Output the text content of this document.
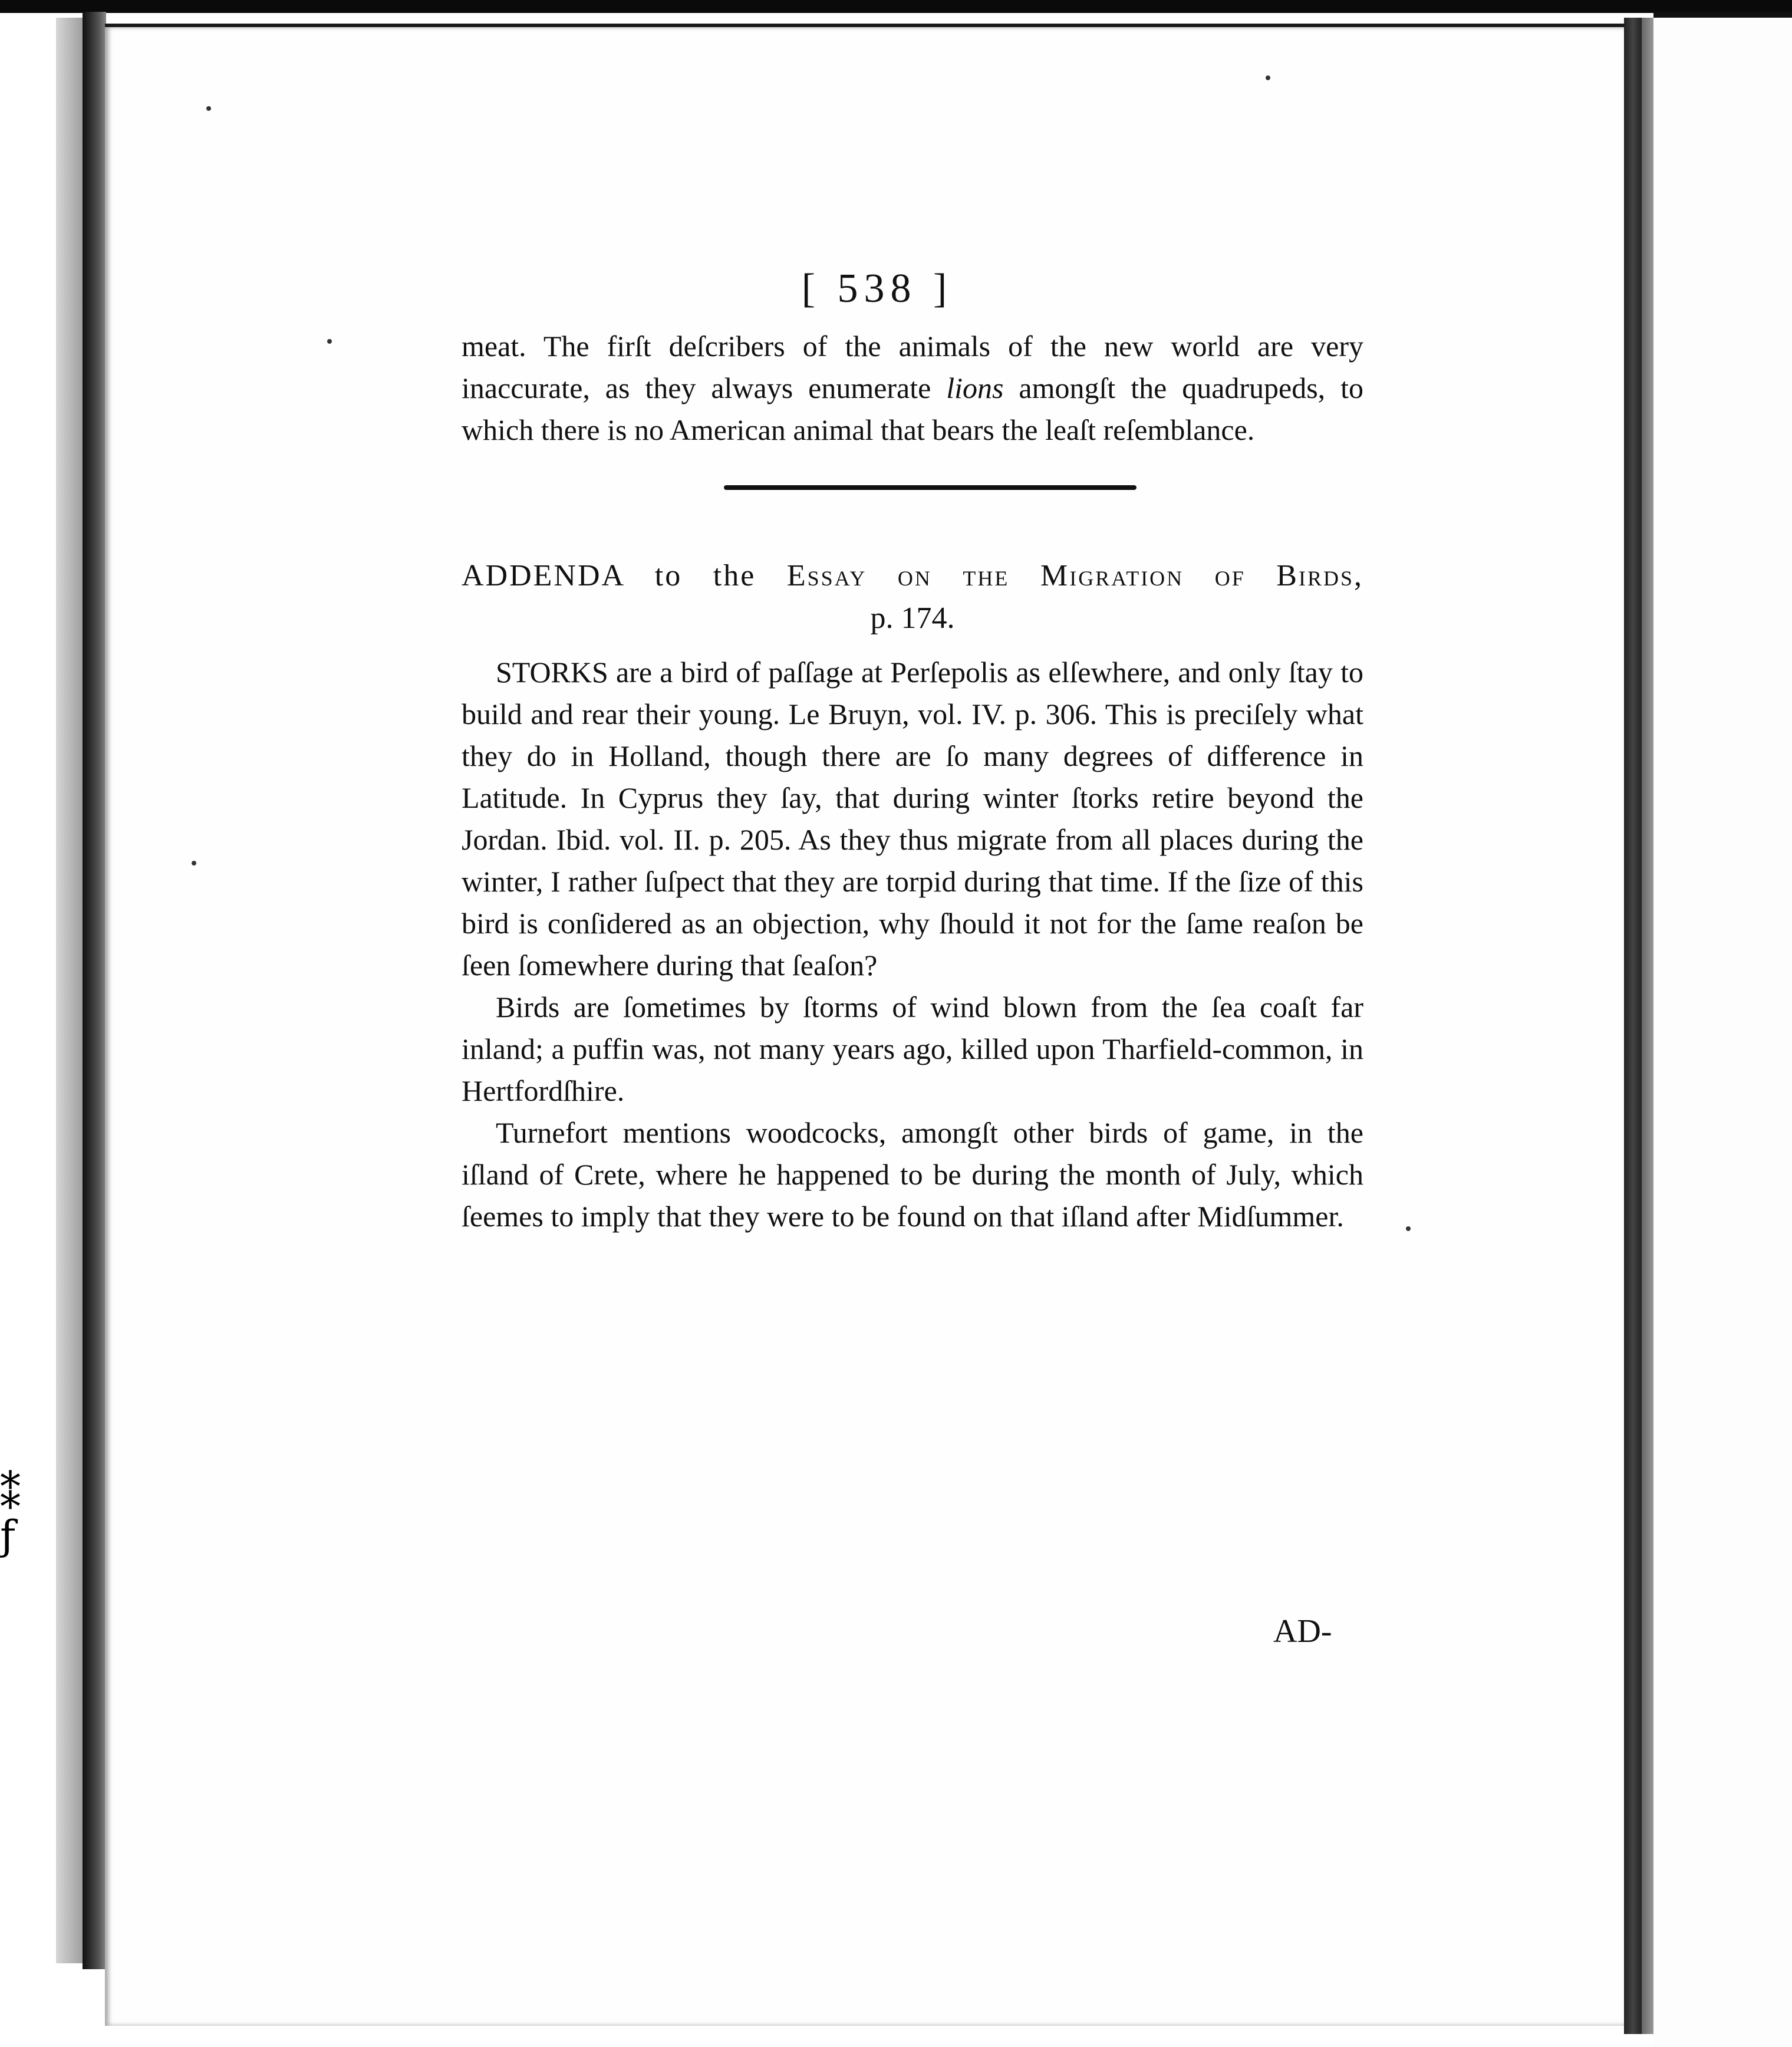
⁑
ƒ
[ 538 ]

meat. The firſt deſcribers of the animals of the new world are very inaccurate, as they always enumerate lions amongſt the quadrupeds, to which there is no American animal that bears the leaſt reſemblance.

ADDENDA to the Essay on the Migration of Birds,
p. 174.

STORKS are a bird of paſſage at Perſepolis as elſewhere, and only ſtay to build and rear their young. Le Bruyn, vol. IV. p. 306. This is preciſely what they do in Holland, though there are ſo many degrees of difference in Latitude. In Cyprus they ſay, that during winter ſtorks retire beyond the Jordan. Ibid. vol. II. p. 205. As they thus migrate from all places during the winter, I rather ſuſpect that they are torpid during that time. If the ſize of this bird is conſidered as an objection, why ſhould it not for the ſame reaſon be ſeen ſomewhere during that ſeaſon?

Birds are ſometimes by ſtorms of wind blown from the ſea coaſt far inland; a puffin was, not many years ago, killed upon Tharfield-common, in Hertfordſhire.

Turnefort mentions woodcocks, amongſt other birds of game, in the iſland of Crete, where he happened to be during the month of July, which ſeemes to imply that they were to be found on that iſland after Midſummer.

AD-
